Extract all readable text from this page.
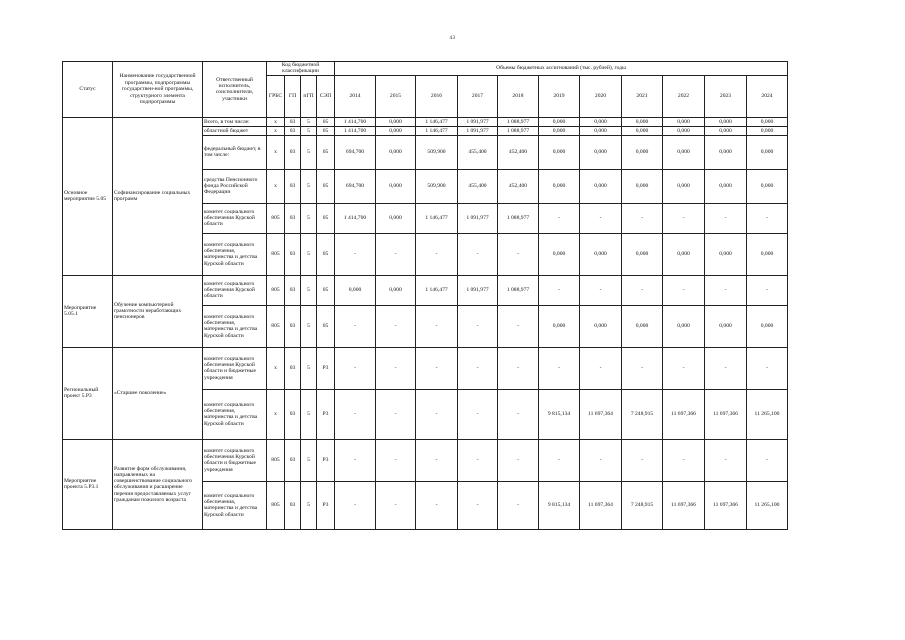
43
Статус	Наименование государственной программы, подпрограммы государствен-ной программы, структурного элемента подпрограммы	Ответственный исполнитель, соисполнители, участники	Код бюджетной классификации				Объемы бюджетных ассигнований (тыс. рублей), годы										
			ГРБС	ГП	пГП	СЭП	2014	2015	2016	2017	2018	2019	2020	2021	2022	2023	2024
Основное мероприятие 5.05	Софинансирование социальных программ	Всего, в том числе:	х	03	5	05	1 414,700	0,000	1 146,477	1 091,977	1 088,977	0,000	0,000	0,000	0,000	0,000	0,000
		областной бюджет	х	03	5	05	1 414,700	0,000	1 146,477	1 091,977	1 088,977	0,000	0,000	0,000	0,000	0,000	0,000
		федеральный бюджет, в том числе:	х	03	5	05	694,700	0,000	509,900	455,400	452,400	0,000	0,000	0,000	0,000	0,000	0,000
		средства Пенсионного фонда Российской Федерации	х	03	5	05	694,700	0,000	509,900	455,400	452,400	0,000	0,000	0,000	0,000	0,000	0,000
		комитет социального обеспечения Курской области	805	03	5	05	1 414,700	0,000	1 146,477	1 091,977	1 088,977	-	-	-	-	-	-
		комитет социального обеспечения, материнства и детства Курской области	805	03	5	05	-	-	-	-	-	0,000	0,000	0,000	0,000	0,000	0,000
Мероприятие 5.05.1	Обучение компьютерной грамотности неработающих пенсионеров	комитет социального обеспечения Курской области	805	03	5	05	0,000	0,000	1 146,477	1 091,977	1 088,977	-	-	-	-	-	-
		комитет социального обеспечения, материнства и детства Курской области	805	03	5	05	-	-	-	-	-	0,000	0,000	0,000	0,000	0,000	0,000
Региональный проект 5.Р3	«Старшее поколение»	комитет социального обеспечения Курской области и бюджетные учреждения	х	03	5	Р3	-	-	-	-	-	-	-	-	-	-	-
		комитет социального обеспечения, материнства и детства Курской области	х	03	5	Р3	-	-	-	-	-	9 815,134	11 697,364	7 248,915	11 697,366	11 697,366	11 265,100
Мероприятие проекта 5.Р3.1	Развитие форм обслуживания, направленных на совершенствование социального обслуживания и расширение перечня предоставляемых услуг гражданам пожилого возраста	комитет социального обеспечения Курской области и бюджетные учреждения	805	03	5	Р3	-	-	-	-	-	-	-	-	-	-	-
		комитет социального обеспечения, материнства и детства Курской области	805	03	5	Р3	-	-	-	-	-	9 815,134	11 697,364	7 248,915	11 697,366	11 697,366	11 265,100
